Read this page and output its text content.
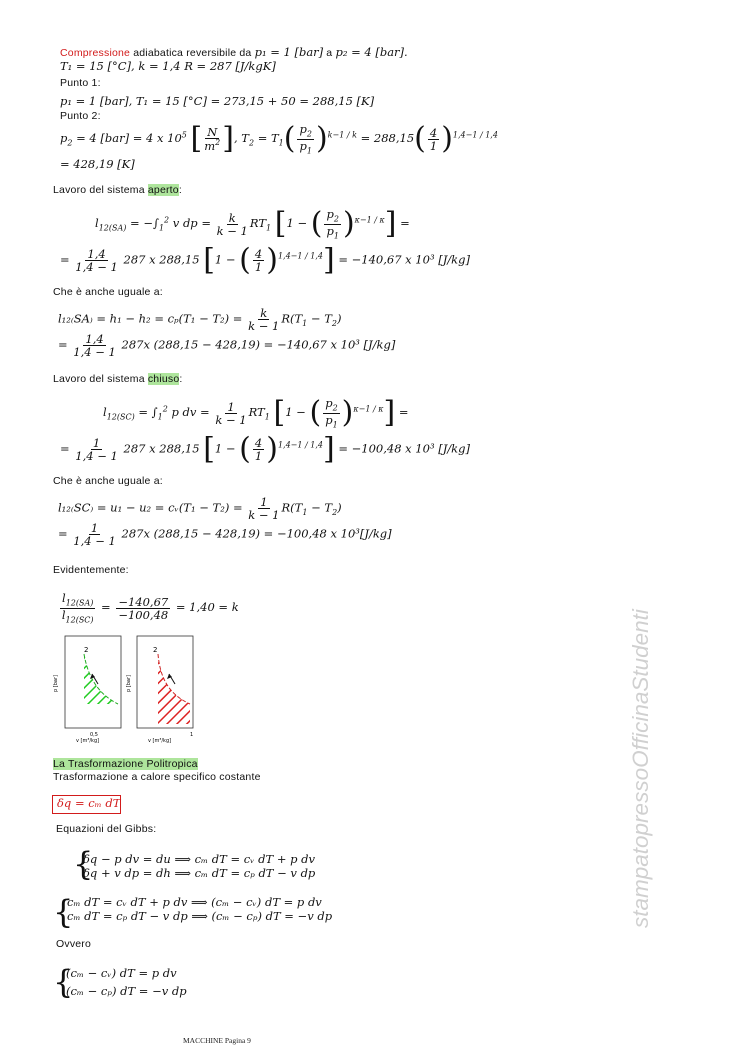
Compressione adiabatica reversibile da p₁ = 1 [bar] a p₂ = 4 [bar].
T₁ = 15 [°C], k = 1,4 R = 287 [J/kgK]
Punto 1:
p₁ = 1 [bar], T₁ = 15 [°C] = 273,15 + 50 = 288,15 [K]
Punto 2:
$p_2 = 4$ [bar] = 4 x $10^5$ [ $\frac{N}{m^2}$ ], $T_2 = T_1( \frac{p_2}{p_1} )^{k-1 / k} = 288,15( \frac{4}{1} )^{1,4-1 / 1,4}$
= 428,19 [K]
Lavoro del sistema aperto:
$l_{12(SA)} = -\int_1^2$ v dp = $\frac{k}{k - 1} RT_1$ [1 − ( $\frac{p_2}{p_1} )^{\kappa-1 / \kappa}$] =
= $\frac{1,4}{1,4 - 1} 287$ x 288,15 [1 − ( $\frac{4}{1} )^{1,4-1 / 1,4}] = -140,67$ x 10³ [J/kg]
Che è anche uguale a:
$l_{12(}SA_) = h_1 - h_2 = c_p(T_1 - T_2) = \frac{k}{k - 1} R(T_1 - T_2)$
= $\frac{1,4}{1,4 - 1} 287x$ (288,15 − 428,19) = −140,67 x 10³ [J/kg]
Lavoro del sistema chiuso:
$l_{12(SC)} = \int_1^2$ p dv = $\frac{1}{k - 1} RT_1$ [1 − ( $\frac{p_2}{p_1} )^{\kappa-1 / \kappa}$] =
= $\frac{1}{1,4 - 1} 287$ x 288,15 [1 − ( $\frac{4}{1} )^{1,4-1 / 1,4}] = -100,48$ x 10³ [J/kg]
Che è anche uguale a:
l₁₂₍SC₎ = u₁ − u₂ = cᵥ(T₁ − $T_2) = \frac{1}{k - 1} R(T_1 - T_2)$
= $\frac{1}{1,4 - 1} 287x$ (288,15 − 428,19) = −100,48 x 10³[J/kg]
Evidentemente:
$\frac{l_{12(SA)}}{l_{12(SC)}} = \frac{-140,67}{-100,48} = 1,40 = k$
2
p [bar]
0,5
v [m³/kg]
2
p [bar]
1
v [m³/kg]
La Trasformazione Politropica
Trasformazione a calore specifico costante
δq = cₘ dT
Equazioni del Gibbs:
{
δq − p dv = du ⟹ cₘ dT = cᵥ dT + p dv
δq + v dp = dh ⟹ cₘ dT = cₚ dT − v dp
{
cₘ dT = cᵥ dT + p dv ⟹ (cₘ − cᵥ) dT = p dv
cₘ dT = cₚ dT − v dp ⟹ (cₘ − cₚ) dT = −v dp
Ovvero
{
(cₘ − cᵥ) dT = p dv
(cₘ − cₚ) dT = −v dp
stampatopressoOfficinaStudenti
MACCHINE Pagina 9
